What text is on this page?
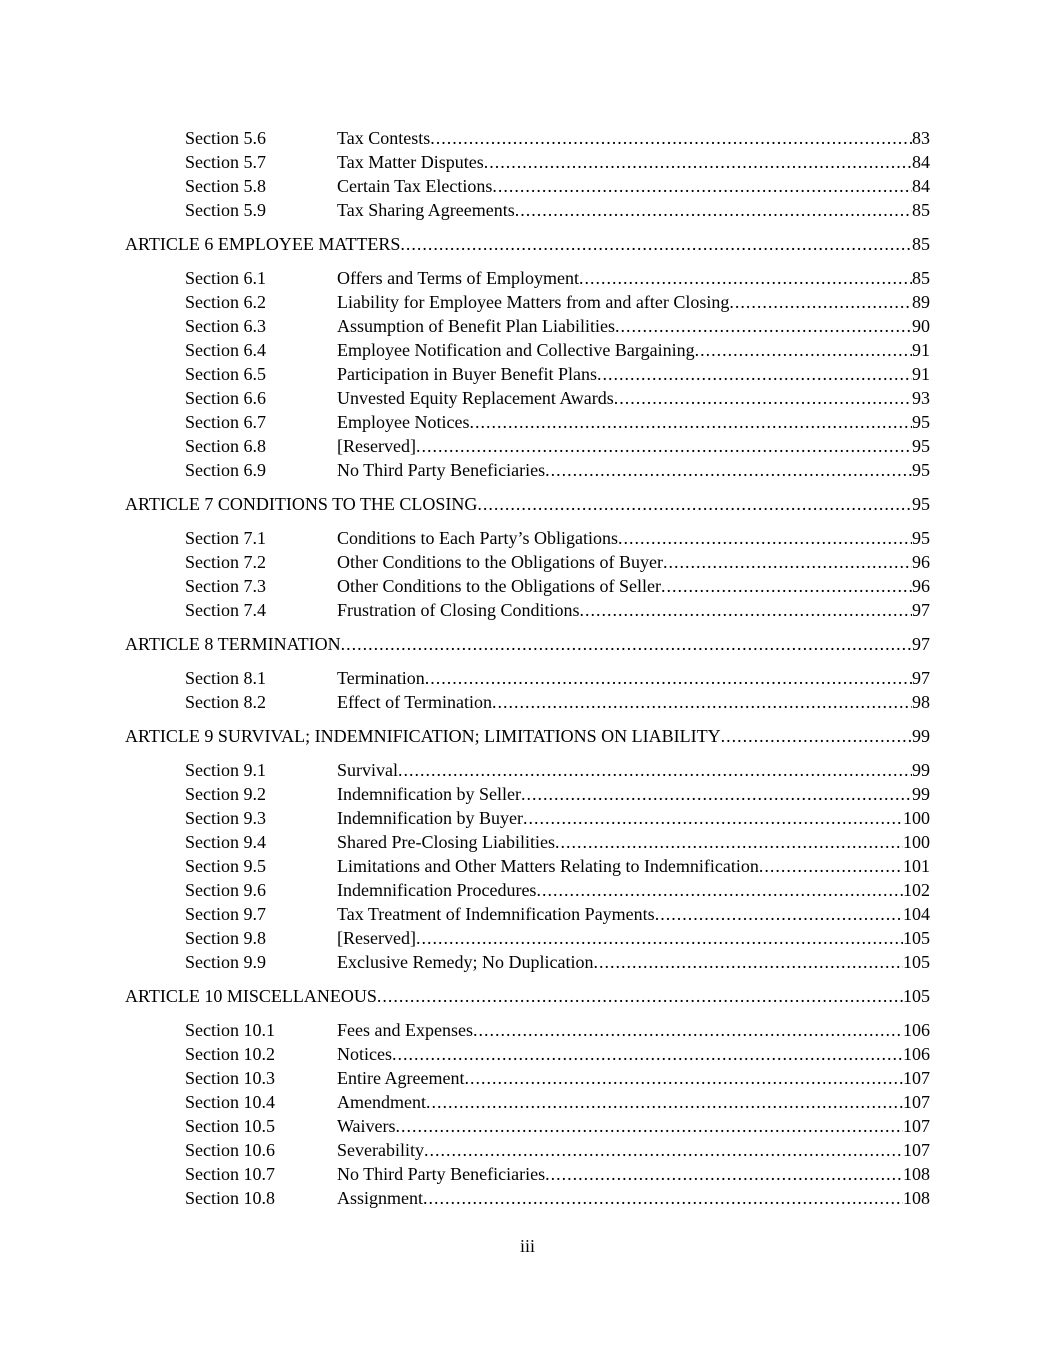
Section 5.6	Tax Contests .....	83
Section 5.7	Tax Matter Disputes .....	84
Section 5.8	Certain Tax Elections .....	84
Section 5.9	Tax Sharing Agreements .....	85
ARTICLE 6 EMPLOYEE MATTERS .....	85
Section 6.1	Offers and Terms of Employment .....	85
Section 6.2	Liability for Employee Matters from and after Closing .....	89
Section 6.3	Assumption of Benefit Plan Liabilities .....	90
Section 6.4	Employee Notification and Collective Bargaining .....	91
Section 6.5	Participation in Buyer Benefit Plans .....	91
Section 6.6	Unvested Equity Replacement Awards .....	93
Section 6.7	Employee Notices .....	95
Section 6.8	[Reserved] .....	95
Section 6.9	No Third Party Beneficiaries .....	95
ARTICLE 7 CONDITIONS TO THE CLOSING .....	95
Section 7.1	Conditions to Each Party’s Obligations .....	95
Section 7.2	Other Conditions to the Obligations of Buyer .....	96
Section 7.3	Other Conditions to the Obligations of Seller .....	96
Section 7.4	Frustration of Closing Conditions .....	97
ARTICLE 8 TERMINATION .....	97
Section 8.1	Termination .....	97
Section 8.2	Effect of Termination .....	98
ARTICLE 9 SURVIVAL; INDEMNIFICATION; LIMITATIONS ON LIABILITY .....	99
Section 9.1	Survival .....	99
Section 9.2	Indemnification by Seller .....	99
Section 9.3	Indemnification by Buyer .....	100
Section 9.4	Shared Pre-Closing Liabilities .....	100
Section 9.5	Limitations and Other Matters Relating to Indemnification .....	101
Section 9.6	Indemnification Procedures .....	102
Section 9.7	Tax Treatment of Indemnification Payments .....	104
Section 9.8	[Reserved] .....	105
Section 9.9	Exclusive Remedy; No Duplication .....	105
ARTICLE 10 MISCELLANEOUS .....	105
Section 10.1	Fees and Expenses .....	106
Section 10.2	Notices .....	106
Section 10.3	Entire Agreement .....	107
Section 10.4	Amendment .....	107
Section 10.5	Waivers .....	107
Section 10.6	Severability .....	107
Section 10.7	No Third Party Beneficiaries .....	108
Section 10.8	Assignment .....	108
iii
